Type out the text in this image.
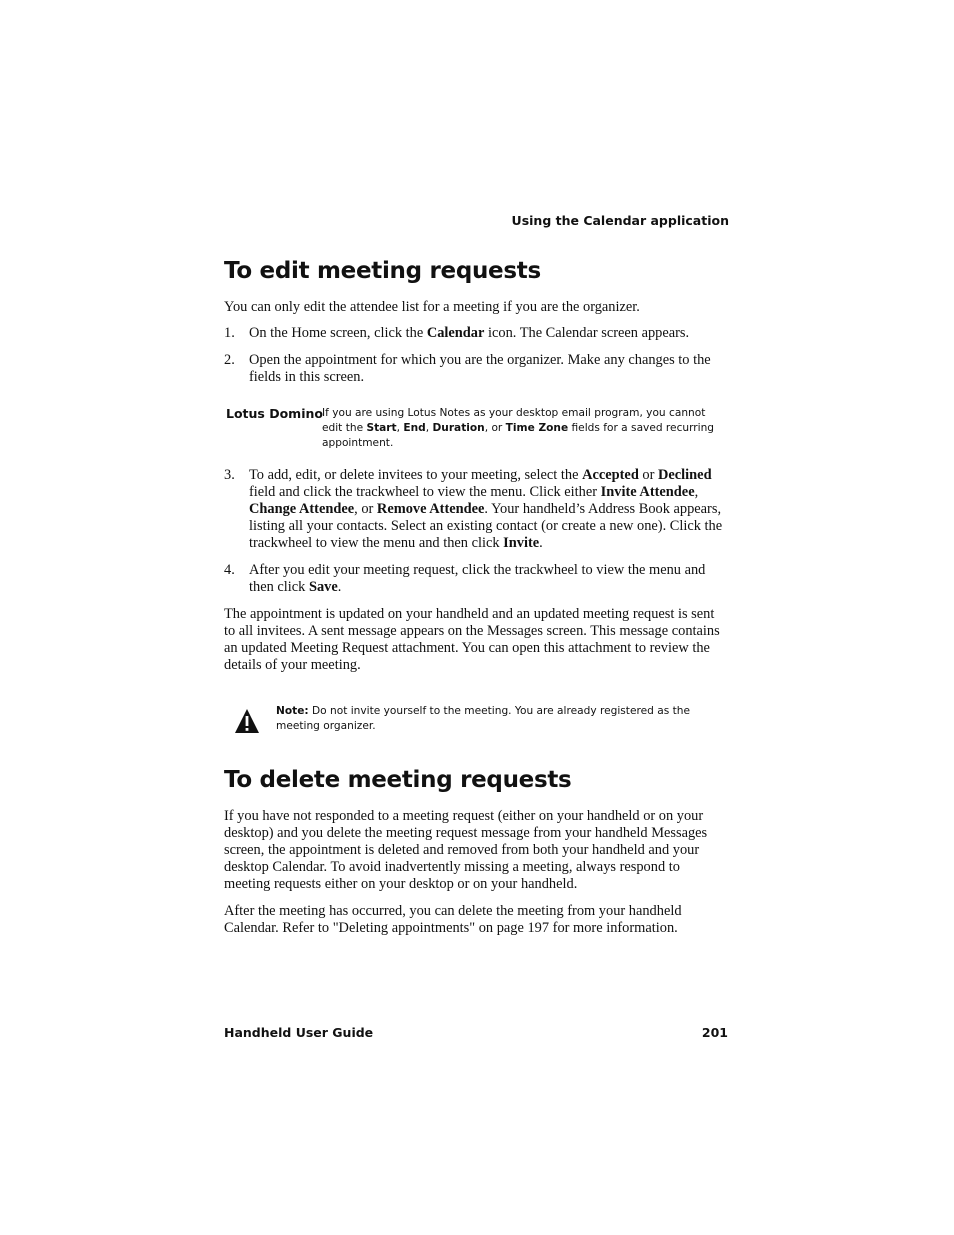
Using the Calendar application
To edit meeting requests

You can only edit the attendee list for a meeting if you are the organizer.

1. On the Home screen, click the Calendar icon. The Calendar screen appears.
2. Open the appointment for which you are the organizer. Make any changes to the fields in this screen.
Lotus Domino If you are using Lotus Notes as your desktop email program, you cannot edit the Start, End, Duration, or Time Zone fields for a saved recurring appointment.
3. To add, edit, or delete invitees to your meeting, select the Accepted or Declined field and click the trackwheel to view the menu. Click either Invite Attendee, Change Attendee, or Remove Attendee. Your handheld’s Address Book appears, listing all your contacts. Select an existing contact (or create a new one). Click the trackwheel to view the menu and then click Invite.
4. After you edit your meeting request, click the trackwheel to view the menu and then click Save.

The appointment is updated on your handheld and an updated meeting request is sent to all invitees. A sent message appears on the Messages screen. This message contains an updated Meeting Request attachment. You can open this attachment to review the details of your meeting.

Note: Do not invite yourself to the meeting. You are already registered as the meeting organizer.
To delete meeting requests

If you have not responded to a meeting request (either on your handheld or on your desktop) and you delete the meeting request message from your handheld Messages screen, the appointment is deleted and removed from both your handheld and your desktop Calendar. To avoid inadvertently missing a meeting, always respond to meeting requests either on your desktop or on your handheld.

After the meeting has occurred, you can delete the meeting from your handheld Calendar. Refer to "Deleting appointments" on page 197 for more information.

Handheld User Guide	201
